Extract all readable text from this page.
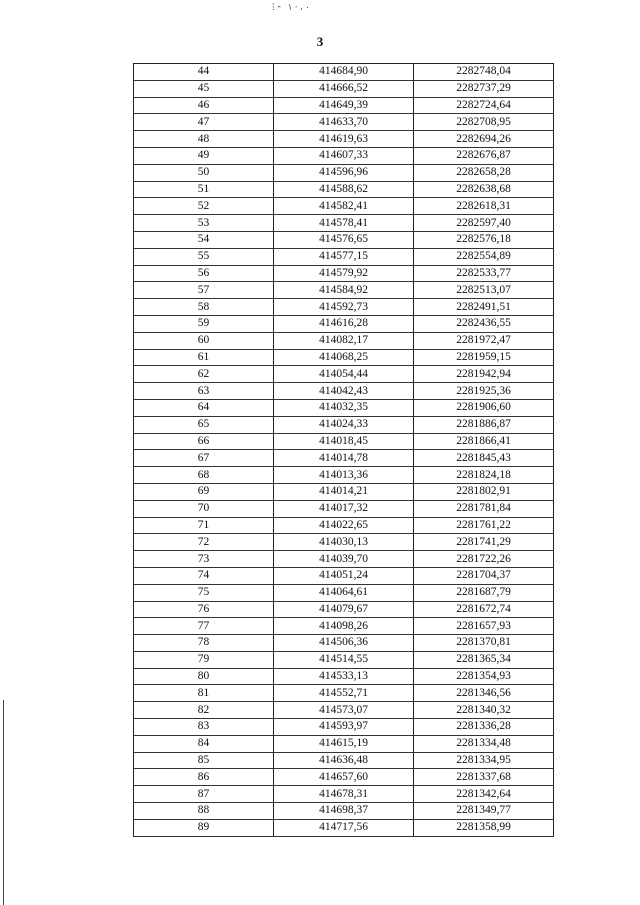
ⵗ⁃ ٠ ، ‧ ١
3
44	414684,90	2282748,04
45	414666,52	2282737,29
46	414649,39	2282724,64
47	414633,70	2282708,95
48	414619,63	2282694,26
49	414607,33	2282676,87
50	414596,96	2282658,28
51	414588,62	2282638,68
52	414582,41	2282618,31
53	414578,41	2282597,40
54	414576,65	2282576,18
55	414577,15	2282554,89
56	414579,92	2282533,77
57	414584,92	2282513,07
58	414592,73	2282491,51
59	414616,28	2282436,55
60	414082,17	2281972,47
61	414068,25	2281959,15
62	414054,44	2281942,94
63	414042,43	2281925,36
64	414032,35	2281906,60
65	414024,33	2281886,87
66	414018,45	2281866,41
67	414014,78	2281845,43
68	414013,36	2281824,18
69	414014,21	2281802,91
70	414017,32	2281781,84
71	414022,65	2281761,22
72	414030,13	2281741,29
73	414039,70	2281722,26
74	414051,24	2281704,37
75	414064,61	2281687,79
76	414079,67	2281672,74
77	414098,26	2281657,93
78	414506,36	2281370,81
79	414514,55	2281365,34
80	414533,13	2281354,93
81	414552,71	2281346,56
82	414573,07	2281340,32
83	414593,97	2281336,28
84	414615,19	2281334,48
85	414636,48	2281334,95
86	414657,60	2281337,68
87	414678,31	2281342,64
88	414698,37	2281349,77
89	414717,56	2281358,99
